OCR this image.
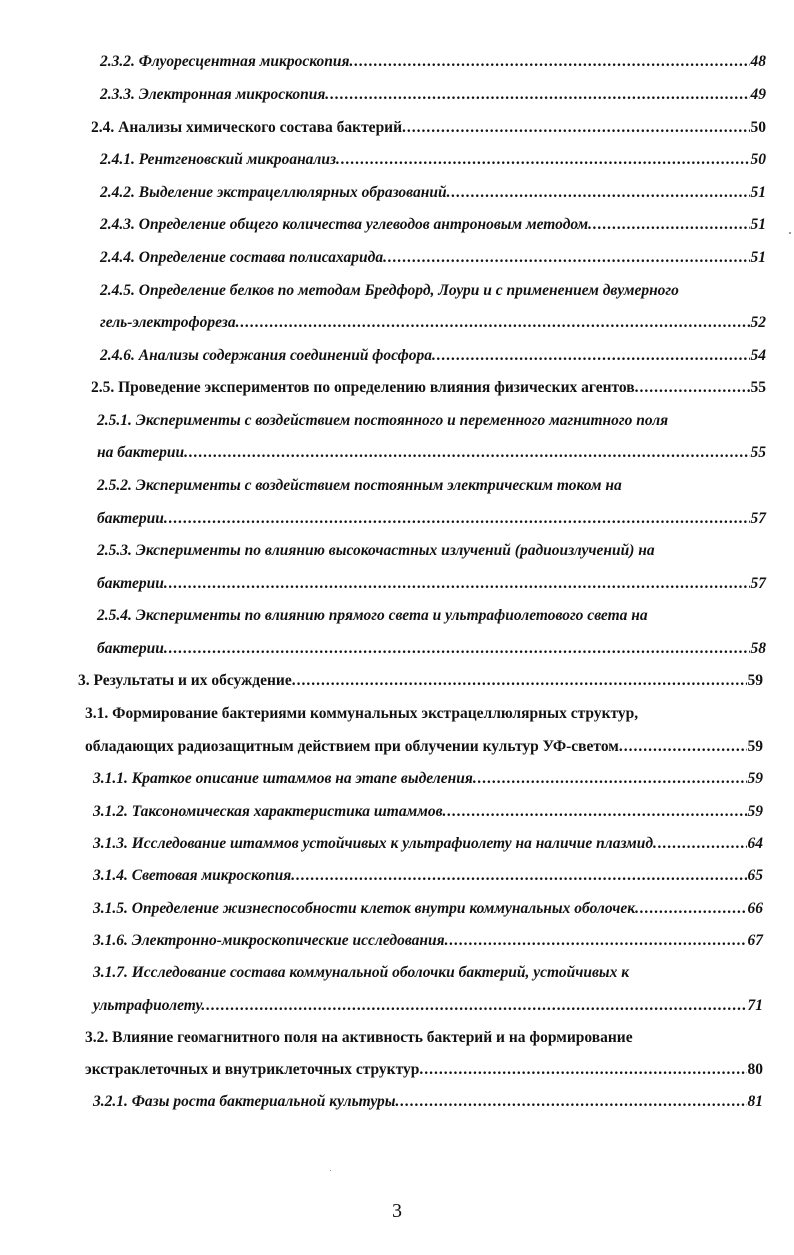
2.3.2. Флуоресцентная микроскопия. .....	48
2.3.3. Электронная микроскопия. .....	49
2.4. Анализы химического состава бактерий. .....	50
2.4.1. Рентгеновский микроанализ. .....	50
2.4.2. Выделение экстрацеллюлярных образований. .....	51
2.4.3. Определение общего количества углеводов антроновым методом. .....	51
2.4.4. Определение состава полисахарида. .....	51
2.4.5. Определение белков по методам Бредфорд, Лоури и с применением двумерного
гель-электрофореза. .....	52
2.4.6. Анализы содержания соединений фосфора. .....	54
2.5. Проведение экспериментов по определению влияния физических агентов. .....	55
2.5.1. Эксперименты с воздействием постоянного и переменного магнитного поля
на бактерии. .....	55
2.5.2. Эксперименты с воздействием постоянным электрическим током на
бактерии. .....	57
2.5.3. Эксперименты по влиянию высокочастных излучений (радиоизлучений) на
бактерии. .....	57
2.5.4. Эксперименты по влиянию прямого света и ультрафиолетового света на
бактерии. .....	58
3. Результаты и их обсуждение. .....	59
3.1. Формирование бактериями коммунальных экстрацеллюлярных структур,
обладающих радиозащитным действием при облучении культур УФ-светом. .....	59
3.1.1. Краткое описание штаммов на этапе выделения. .....	59
3.1.2. Таксономическая характеристика штаммов. .....	59
3.1.3. Исследование штаммов устойчивых к ультрафиолету на наличие плазмид. .....	64
3.1.4. Световая микроскопия. .....	65
3.1.5. Определение жизнеспособности клеток внутри коммунальных оболочек. .....	66
3.1.6. Электронно-микроскопические исследования. .....	67
3.1.7. Исследование состава коммунальной оболочки бактерий, устойчивых к
ультрафиолету. .....	71
3.2. Влияние геомагнитного поля на активность бактерий и на формирование
экстраклеточных и внутриклеточных структур. .....	80
3.2.1. Фазы роста бактериальной культуры. .....	81
3
